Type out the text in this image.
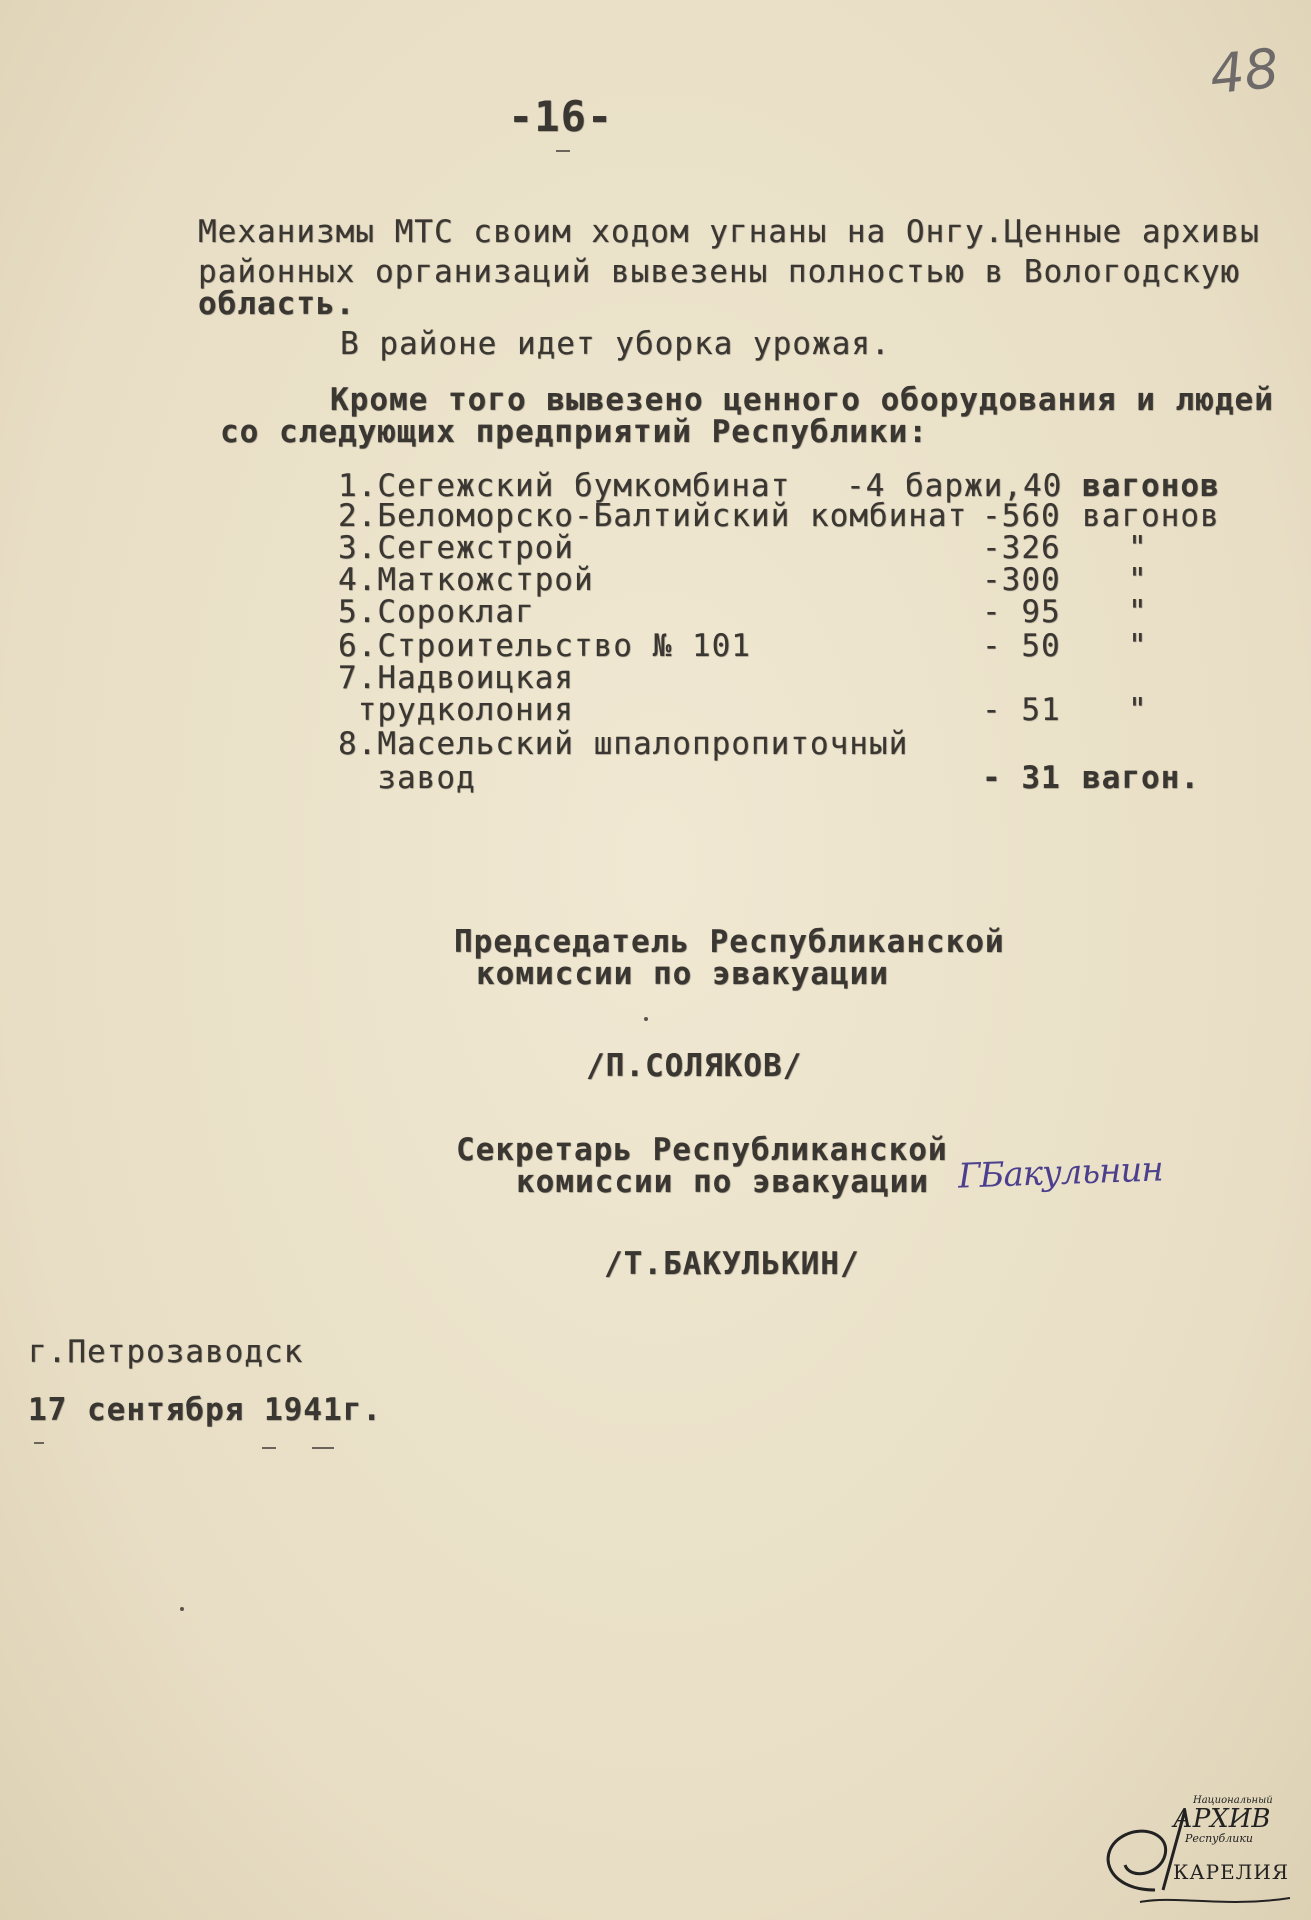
48
-16-
Механизмы МТС своим ходом угнаны на Онгу.Ценные архивы
районных организаций вывезены полностью в Вологодскую
область.
В районе идет уборка урожая.
Кроме того вывезено ценного оборудования и людей
со следующих предприятий Республики:
1.Сегежский бумкомбинат -4 баржи,40 вагонов
2.Беломорско-Балтийский комбинат -560 вагонов
3.Сегежстрой	-326 "
4.Маткожстрой	-300 "
5.Сороклаг	- 95 "
6.Строительство № 101	- 50 "
7.Надвоицкая
трудколония	- 51 "
8.Масельский шпалопропиточный
завод	- 31 вагон.
Председатель Республиканской
комиссии по эвакуации
/П.СОЛЯКОВ/
Секретарь Республиканской
комиссии по эвакуации ГБакульнин
/Т.БАКУЛЬКИН/
г.Петрозаводск
17 сентября 1941г.
Национальный
АРХИВ
Республики
КАРЕЛИЯ
